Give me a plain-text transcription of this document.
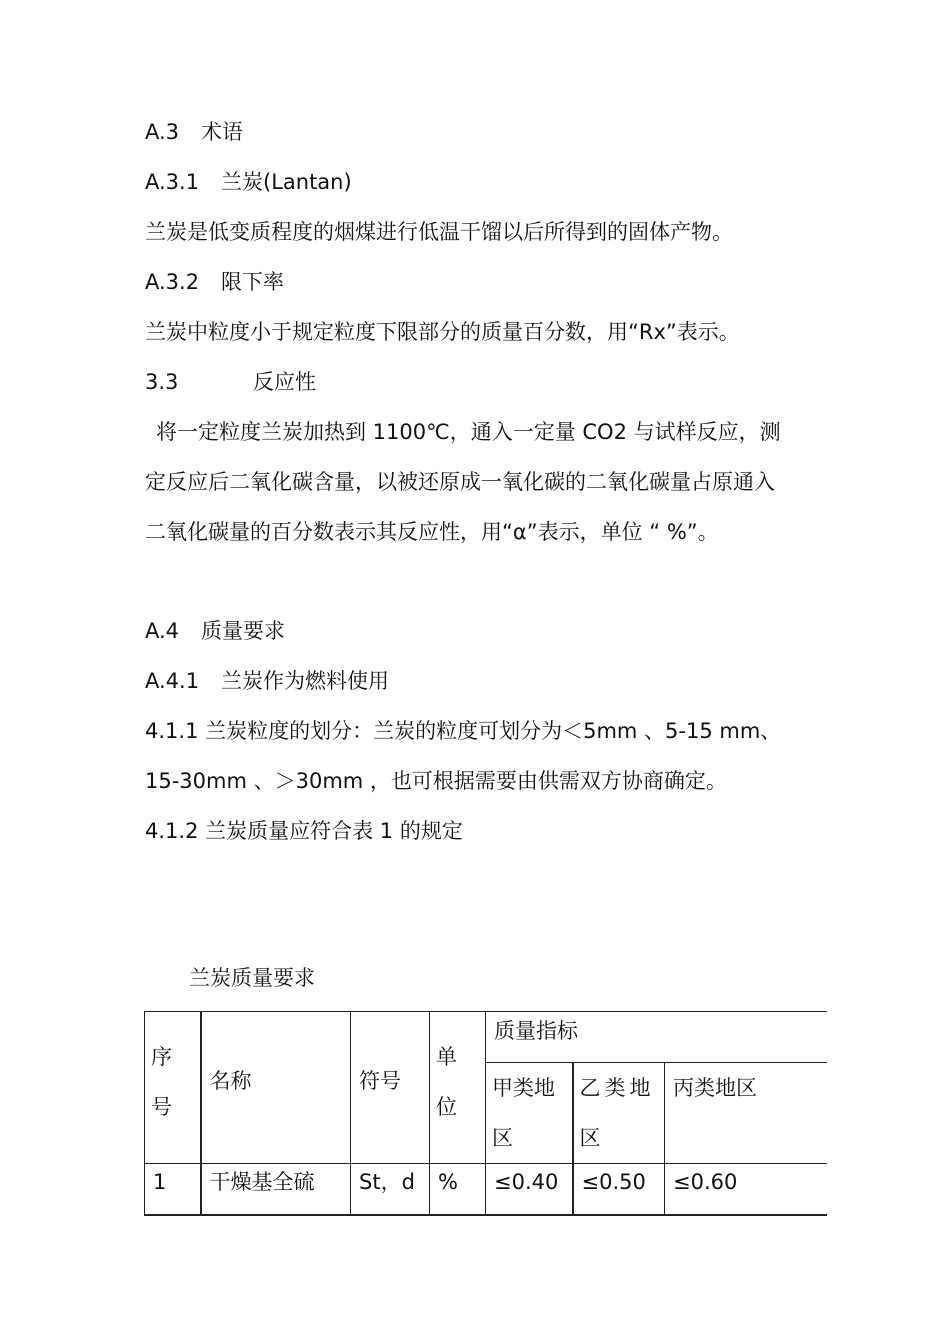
A.3 术语
A.3.1 兰炭(Lantan)
兰炭是低变质程度的烟煤进行低温干馏以后所得到的固体产物。
A.3.2 限下率
兰炭中粒度小于规定粒度下限部分的质量百分数，用“Rx”表示。
3.3	反应性
将一定粒度兰炭加热到 1100℃，通入一定量 CO2 与试样反应，测
定反应后二氧化碳含量，以被还原成一氧化碳的二氧化碳量占原通入
二氧化碳量的百分数表示其反应性，用“α”表示，单位 “ %”。
A.4 质量要求
A.4.1 兰炭作为燃料使用
4.1.1 兰炭粒度的划分：兰炭的粒度可划分为＜5mm 、5-15 mm、
15-30mm 、＞30mm ，也可根据需要由供需双方协商确定。
4.1.2 兰炭质量应符合表 1 的规定
兰炭质量要求
序号	名称	符号	单位	质量指标		

				甲类地区	乙类地区	丙类地区

1	干燥基全硫	St，d	%	≤0.40	≤0.50	≤0.60
